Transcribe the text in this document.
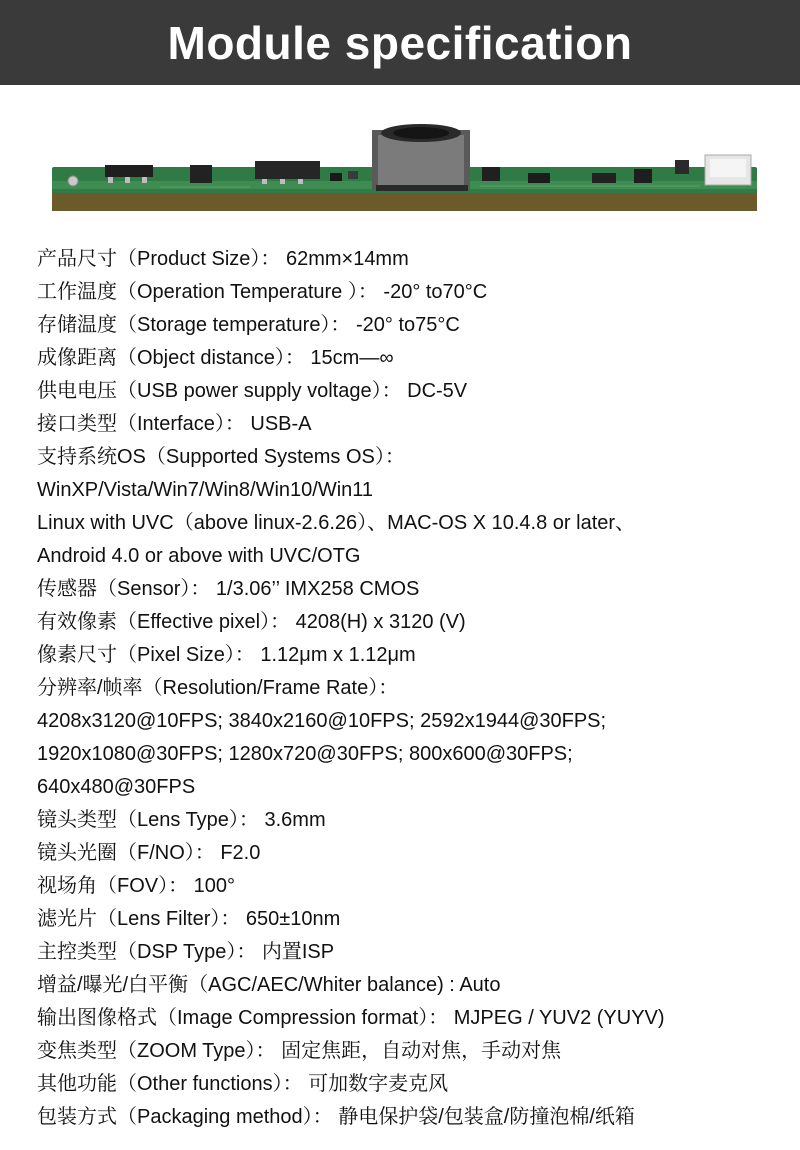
Module specification
产品尺寸（Product Size）： 62mm×14mm
工作温度（Operation Temperature ）： -20° to70°C
存储温度（Storage temperature）： -20° to75°C
成像距离（Object distance）： 15cm—∞
供电电压（USB power supply voltage）： DC-5V
接口类型（Interface）： USB-A
支持系统OS（Supported Systems OS）：
WinXP/Vista/Win7/Win8/Win10/Win11
Linux with UVC（above linux-2.6.26）、MAC-OS X 10.4.8 or later、
Android 4.0 or above with UVC/OTG
传感器（Sensor）： 1/3.06’’ IMX258 CMOS
有效像素（Effective pixel）： 4208(H) x 3120 (V)
像素尺寸（Pixel Size）： 1.12μm x 1.12μm
分辨率/帧率（Resolution/Frame Rate）：
4208x3120@10FPS; 3840x2160@10FPS; 2592x1944@30FPS;
1920x1080@30FPS; 1280x720@30FPS; 800x600@30FPS;
640x480@30FPS
镜头类型（Lens Type）： 3.6mm
镜头光圈（F/NO）： F2.0
视场角（FOV）： 100°
滤光片（Lens Filter）： 650±10nm
主控类型（DSP Type）： 内置ISP
增益/曝光/白平衡（AGC/AEC/Whiter balance) : Auto
输出图像格式（Image Compression format）： MJPEG / YUV2 (YUYV)
变焦类型（ZOOM Type）： 固定焦距，自动对焦，手动对焦
其他功能（Other functions）： 可加数字麦克风
包装方式（Packaging method）： 静电保护袋/包装盒/防撞泡棉/纸箱
